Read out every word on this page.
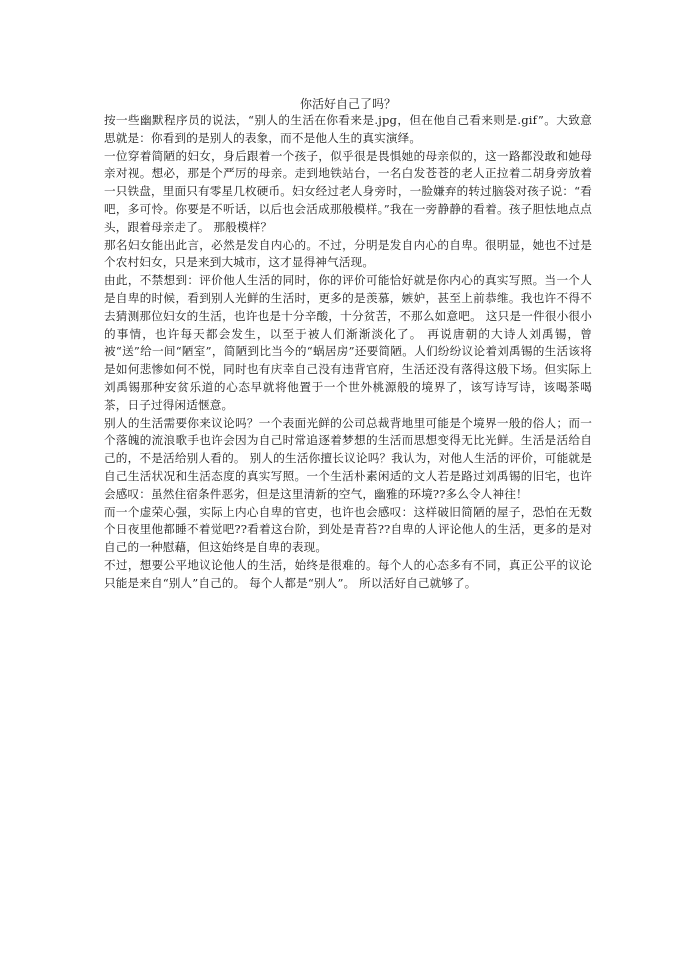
你活好自己了吗？

按一些幽默程序员的说法，“别人的生活在你看来是.jpg，但在他自己看来则是.gif”。大致意思就是：你看到的是别人的表象，而不是他人生的真实演绎。

一位穿着简陋的妇女，身后跟着一个孩子，似乎很是畏惧她的母亲似的，这一路都没敢和她母亲对视。想必，那是个严厉的母亲。走到地铁站台，一名白发苍苍的老人正拉着二胡身旁放着一只铁盘，里面只有零星几枚硬币。妇女经过老人身旁时，一脸嫌弃的转过脑袋对孩子说：“看吧，多可怜。你要是不听话，以后也会活成那般模样。”我在一旁静静的看着。孩子胆怯地点点头，跟着母亲走了。 那般模样？

那名妇女能出此言，必然是发自内心的。不过，分明是发自内心的自卑。很明显，她也不过是个农村妇女，只是来到大城市，这才显得神气活现。

由此，不禁想到：评价他人生活的同时，你的评价可能恰好就是你内心的真实写照。当一个人是自卑的时候，看到别人光鲜的生活时，更多的是羡慕，嫉妒，甚至上前恭维。我也许不得不去猜测那位妇女的生活，也许也是十分辛酸，十分贫苦，不那么如意吧。 这只是一件很小很小的事情，也许每天都会发生，以至于被人们渐渐淡化了。 再说唐朝的大诗人刘禹锡，曾被“送”给一间“陋室”，简陋到比当今的“蜗居房”还要简陋。人们纷纷议论着刘禹锡的生活该将是如何悲惨如何不悦，同时也有庆幸自己没有违背官府，生活还没有落得这般下场。但实际上刘禹锡那种安贫乐道的心态早就将他置于一个世外桃源般的境界了，该写诗写诗，该喝茶喝茶，日子过得闲适惬意。

别人的生活需要你来议论吗？一个表面光鲜的公司总裁背地里可能是个境界一般的俗人；而一个落魄的流浪歌手也许会因为自己时常追逐着梦想的生活而思想变得无比光鲜。生活是活给自己的，不是活给别人看的。 别人的生活你擅长议论吗？我认为，对他人生活的评价，可能就是自己生活状况和生活态度的真实写照。一个生活朴素闲适的文人若是路过刘禹锡的旧宅，也许会感叹：虽然住宿条件恶劣，但是这里清新的空气，幽雅的环境??多么令人神往！

而一个虚荣心强，实际上内心自卑的官吏，也许也会感叹：这样破旧简陋的屋子，恐怕在无数个日夜里他都睡不着觉吧??看着这台阶，到处是青苔??自卑的人评论他人的生活，更多的是对自己的一种慰藉，但这始终是自卑的表现。

不过，想要公平地议论他人的生活，始终是很难的。每个人的心态多有不同，真正公平的议论只能是来自“别人”自己的。 每个人都是“别人”。 所以活好自己就够了。
